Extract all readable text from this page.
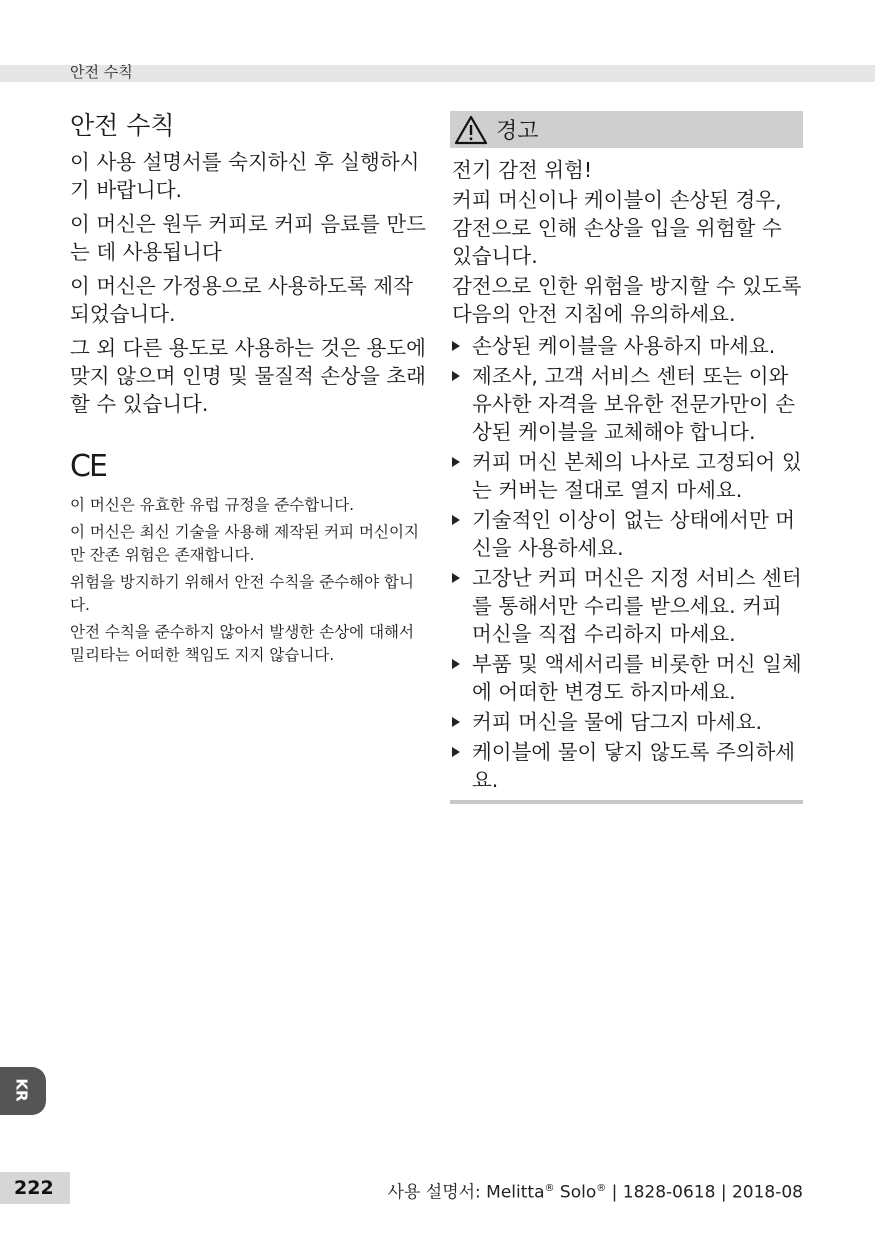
안전 수칙
안전 수칙

이 사용 설명서를 숙지하신 후 실행하시기 바랍니다.

이 머신은 원두 커피로 커피 음료를 만드는 데 사용됩니다

이 머신은 가정용으로 사용하도록 제작되었습니다.

그 외 다른 용도로 사용하는 것은 용도에 맞지 않으며 인명 및 물질적 손상을 초래할 수 있습니다.

CE

이 머신은 유효한 유럽 규정을 준수합니다.

이 머신은 최신 기술을 사용해 제작된 커피 머신이지만 잔존 위험은 존재합니다.

위험을 방지하기 위해서 안전 수칙을 준수해야 합니다.

안전 수칙을 준수하지 않아서 발생한 손상에 대해서 밀리타는 어떠한 책임도 지지 않습니다.

경고

전기 감전 위험!

커피 머신이나 케이블이 손상된 경우, 감전으로 인해 손상을 입을 위험할 수 있습니다.

감전으로 인한 위험을 방지할 수 있도록 다음의 안전 지침에 유의하세요.

손상된 케이블을 사용하지 마세요.
제조사, 고객 서비스 센터 또는 이와 유사한 자격을 보유한 전문가만이 손상된 케이블을 교체해야 합니다.
커피 머신 본체의 나사로 고정되어 있는 커버는 절대로 열지 마세요.
기술적인 이상이 없는 상태에서만 머신을 사용하세요.
고장난 커피 머신은 지정 서비스 센터를 통해서만 수리를 받으세요. 커피 머신을 직접 수리하지 마세요.
부품 및 액세서리를 비롯한 머신 일체에 어떠한 변경도 하지마세요.
커피 머신을 물에 담그지 마세요.
케이블에 물이 닿지 않도록 주의하세요.
KR
222	사용 설명서: Melitta® Solo® | 1828-0618 | 2018-08
